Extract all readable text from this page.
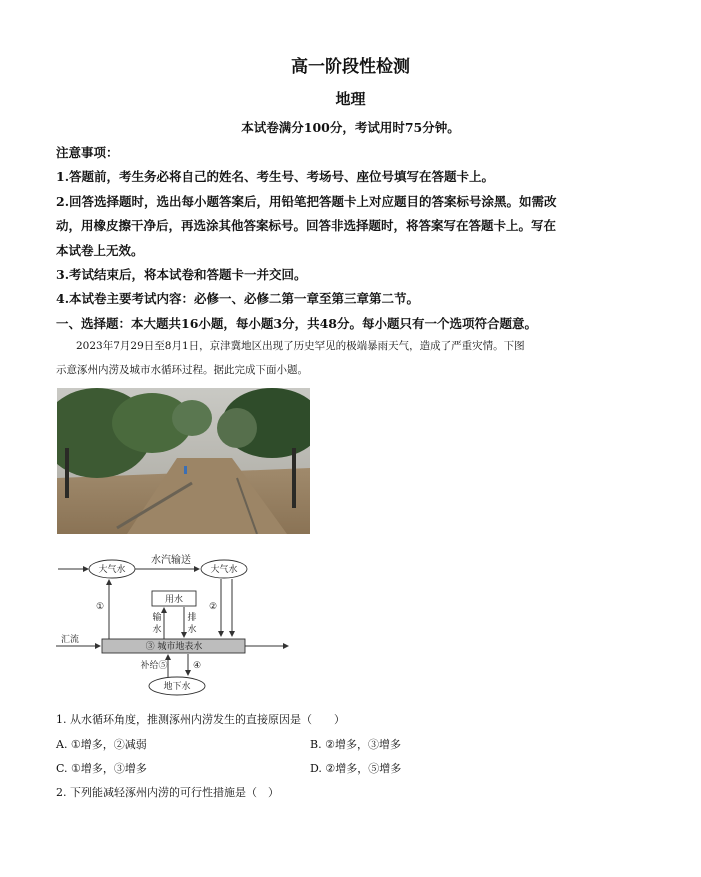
高一阶段性检测
地理
本试卷满分100分，考试用时75分钟。
注意事项：
1.答题前，考生务必将自己的姓名、考生号、考场号、座位号填写在答题卡上。
2.回答选择题时，选出每小题答案后，用铅笔把答题卡上对应题目的答案标号涂黑。如需改
动，用橡皮擦干净后，再选涂其他答案标号。回答非选择题时，将答案写在答题卡上。写在
本试卷上无效。
3.考试结束后，将本试卷和答题卡一并交回。
4.本试卷主要考试内容：必修一、必修二第一章至第三章第二节。
一、选择题：本大题共16小题，每小题3分，共48分。每小题只有一个选项符合题意。
2023年7月29日至8月1日，京津冀地区出现了历史罕见的极端暴雨天气，造成了严重灾情。下图
示意涿州内涝及城市水循环过程。据此完成下面小题。
大气水
水汽输送
大气水
①	②
用水
输
水
排
水
汇流
③ 城市地表水
补给⑤	④
地下水
1. 从水循环角度，推测涿州内涝发生的直接原因是（　　）
A. ①增多，②减弱	B. ②增多，③增多
C. ①增多，③增多	D. ②增多，⑤增多
2. 下列能减轻涿州内涝的可行性措施是（　）
